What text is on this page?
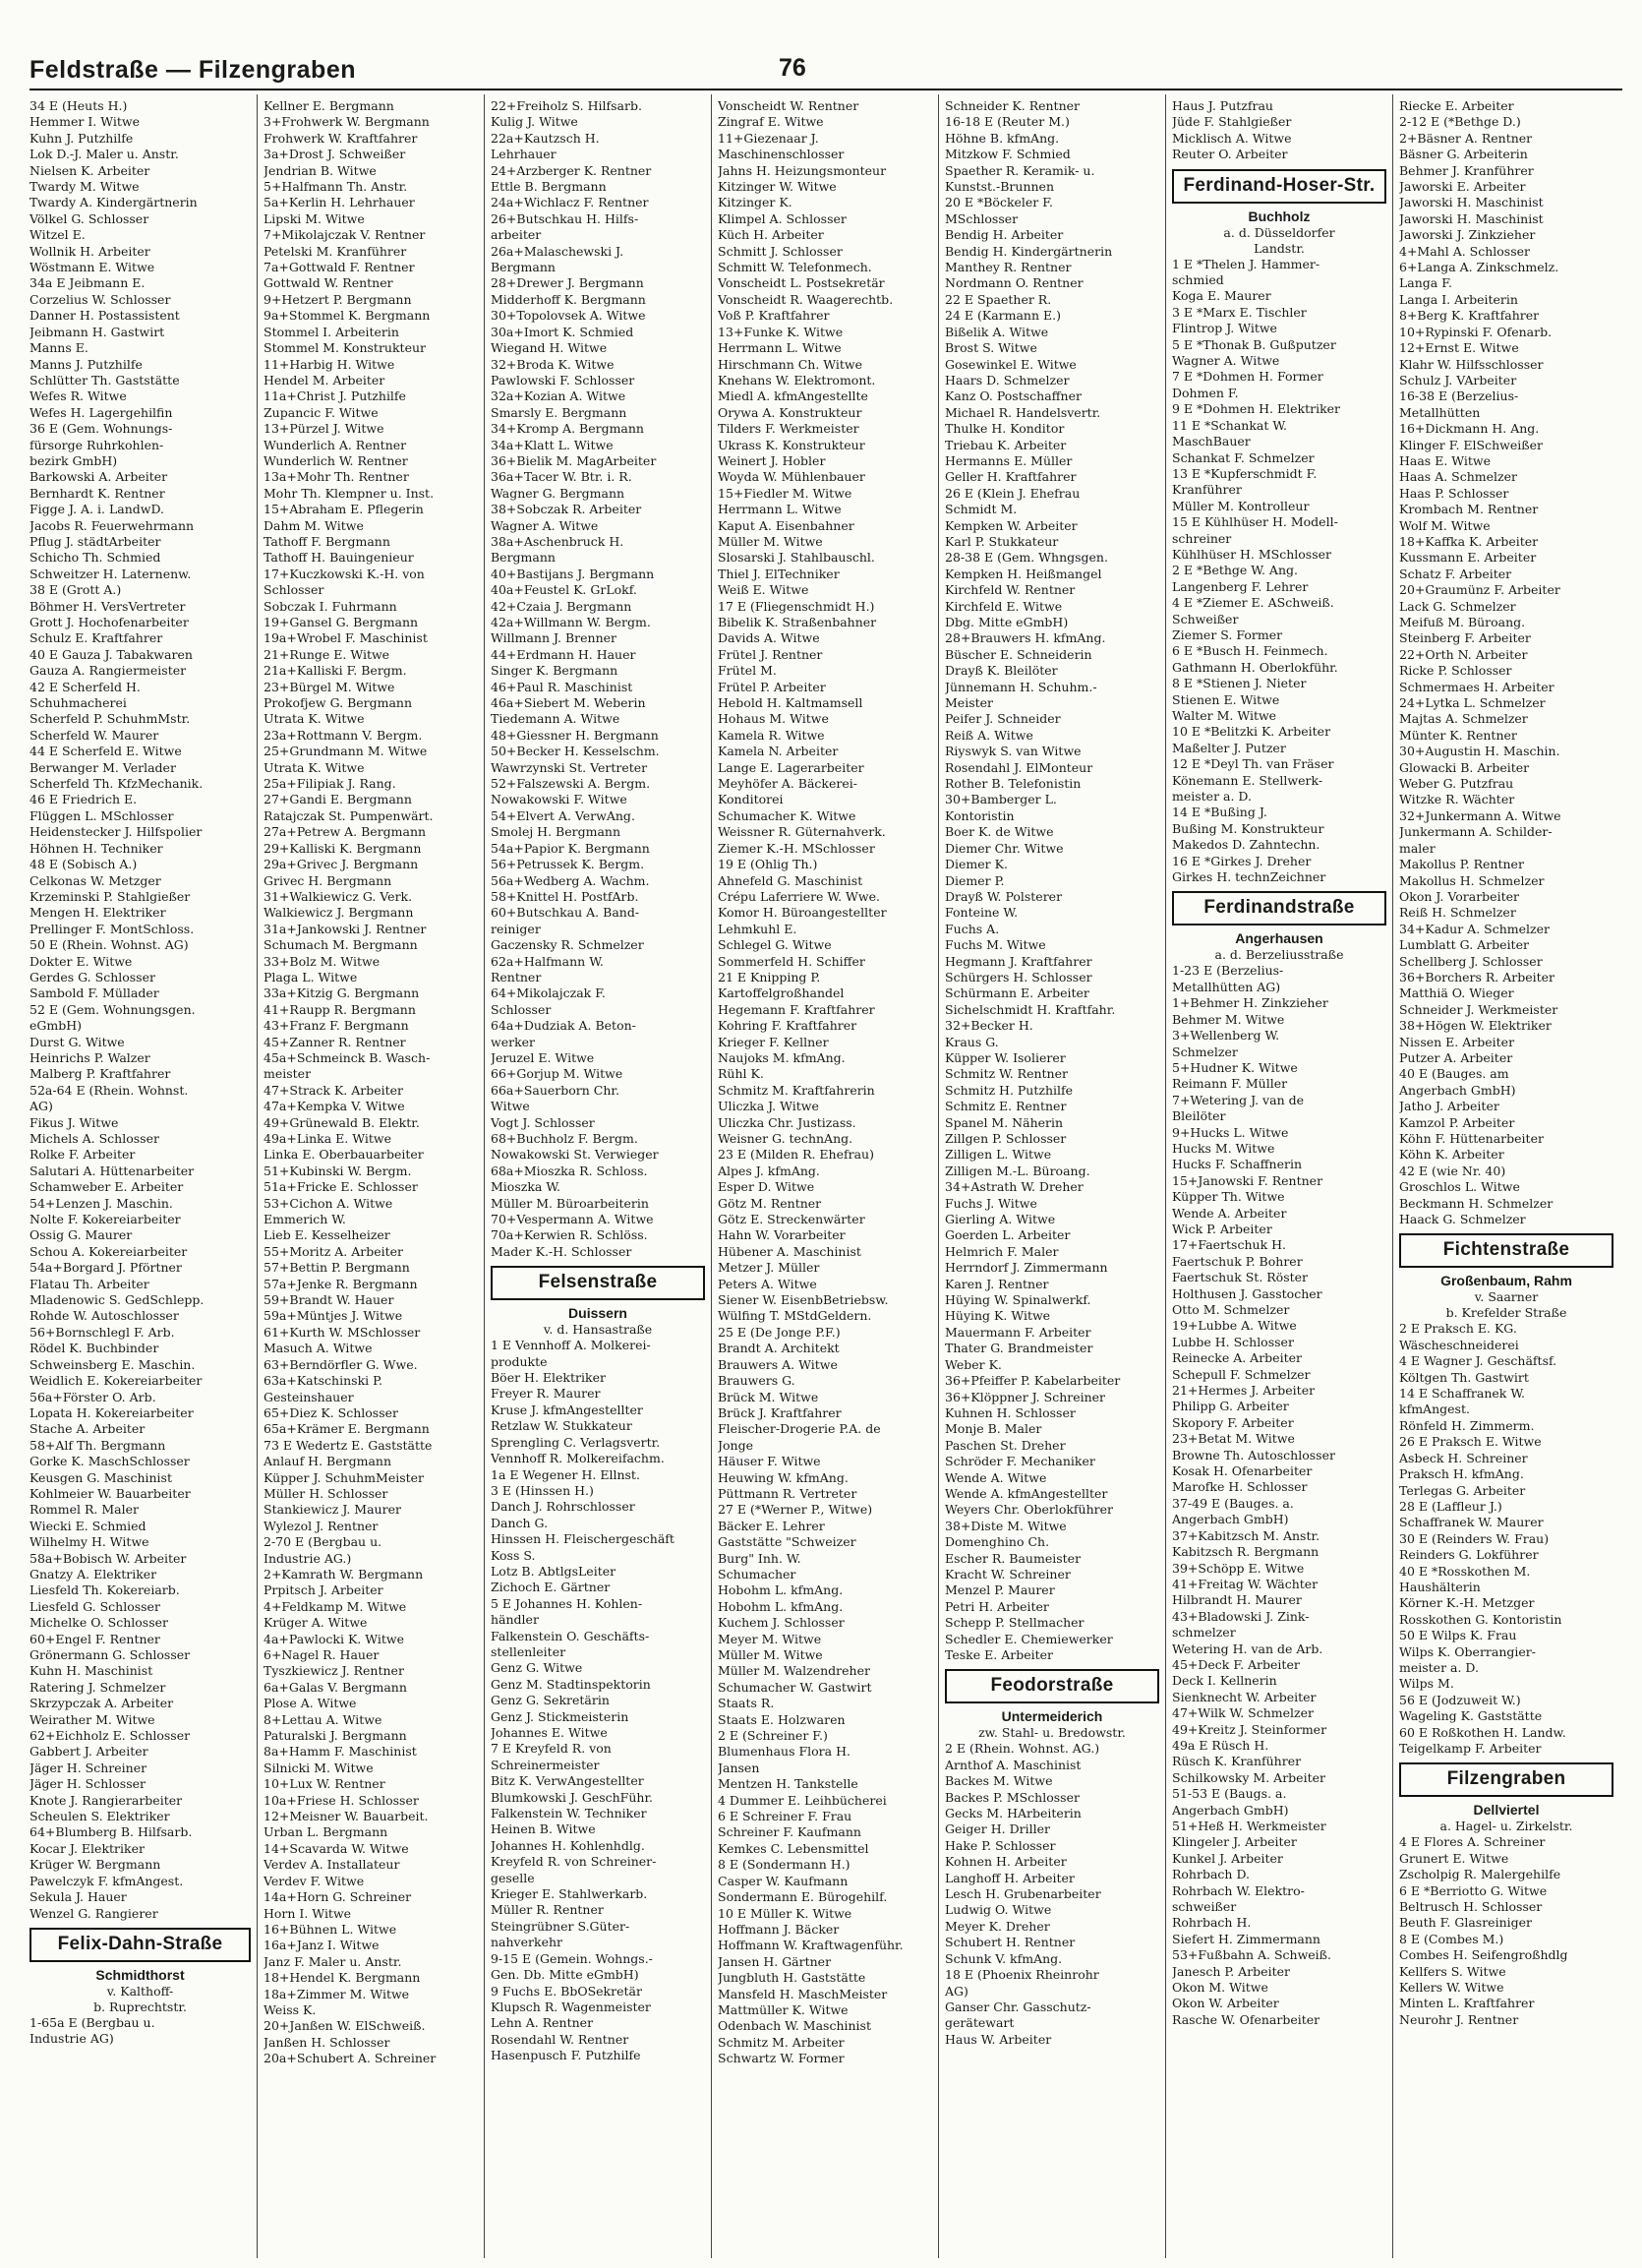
Feldstraße — Filzengraben	76
34 E (Heuts H.)
Hemmer I. Witwe
Kuhn J. Putzhilfe
Lok D.-J. Maler u. Anstr.
Nielsen K. Arbeiter
Twardy M. Witwe
Twardy A. Kindergärtnerin
Völkel G. Schlosser
Witzel E.
Wollnik H. Arbeiter
Wöstmann E. Witwe
34a E Jeibmann E.
Corzelius W. Schlosser
Danner H. Postassistent
Jeibmann H. Gastwirt
Manns E.
Manns J. Putzhilfe
Schlütter Th. Gaststätte
Wefes R. Witwe
Wefes H. Lagergehilfin
36 E (Gem. Wohnungs-
fürsorge Ruhrkohlen-
bezirk GmbH)
Barkowski A. Arbeiter
Bernhardt K. Rentner
Figge J. A. i. LandwD.
Jacobs R. Feuerwehrmann
Pflug J. städtArbeiter
Schicho Th. Schmied
Schweitzer H. Laternenw.
38 E (Grott A.)
Böhmer H. VersVertreter
Grott J. Hochofenarbeiter
Schulz E. Kraftfahrer
40 E Gauza J. Tabakwaren
Gauza A. Rangiermeister
42 E Scherfeld H.
Schuhmacherei
Scherfeld P. SchuhmMstr.
Scherfeld W. Maurer
44 E Scherfeld E. Witwe
Berwanger M. Verlader
Scherfeld Th. KfzMechanik.
46 E Friedrich E.
Flüggen L. MSchlosser
Heidenstecker J. Hilfspolier
Höhnen H. Techniker
48 E (Sobisch A.)
Celkonas W. Metzger
Krzeminski P. Stahlgießer
Mengen H. Elektriker
Prellinger F. MontSchloss.
50 E (Rhein. Wohnst. AG)
Dokter E. Witwe
Gerdes G. Schlosser
Sambold F. Müllader
52 E (Gem. Wohnungsgen.
eGmbH)
Durst G. Witwe
Heinrichs P. Walzer
Malberg P. Kraftfahrer
52a-64 E (Rhein. Wohnst.
AG)
Fikus J. Witwe
Michels A. Schlosser
Rolke F. Arbeiter
Salutari A. Hüttenarbeiter
Schamweber E. Arbeiter
54+Lenzen J. Maschin.
Nolte F. Kokereiarbeiter
Ossig G. Maurer
Schou A. Kokereiarbeiter
54a+Borgard J. Pförtner
Flatau Th. Arbeiter
Mladenowic S. GedSchlepp.
Rohde W. Autoschlosser
56+Bornschlegl F. Arb.
Rödel K. Buchbinder
Schweinsberg E. Maschin.
Weidlich E. Kokereiarbeiter
56a+Förster O. Arb.
Lopata H. Kokereiarbeiter
Stache A. Arbeiter
58+Alf Th. Bergmann
Gorke K. MaschSchlosser
Keusgen G. Maschinist
Kohlmeier W. Bauarbeiter
Rommel R. Maler
Wiecki E. Schmied
Wilhelmy H. Witwe
58a+Bobisch W. Arbeiter
Gnatzy A. Elektriker
Liesfeld Th. Kokereiarb.
Liesfeld G. Schlosser
Michelke O. Schlosser
60+Engel F. Rentner
Grönermann G. Schlosser
Kuhn H. Maschinist
Ratering J. Schmelzer
Skrzypczak A. Arbeiter
Weirather M. Witwe
62+Eichholz E. Schlosser
Gabbert J. Arbeiter
Jäger H. Schreiner
Jäger H. Schlosser
Knote J. Rangierarbeiter
Scheulen S. Elektriker
64+Blumberg B. Hilfsarb.
Kocar J. Elektriker
Krüger W. Bergmann
Pawelczyk F. kfmAngest.
Sekula J. Hauer
Wenzel G. Rangierer
Felix-Dahn-Straße
Schmidthorst
v. Kalthoff-
b. Ruprechtstr.
1-65a E (Bergbau u.
Industrie AG)
Kellner E. Bergmann
3+Frohwerk W. Bergmann
Frohwerk W. Kraftfahrer
3a+Drost J. Schweißer
Jendrian B. Witwe
5+Halfmann Th. Anstr.
5a+Kerlin H. Lehrhauer
Lipski M. Witwe
7+Mikolajczak V. Rentner
Petelski M. Kranführer
7a+Gottwald F. Rentner
Gottwald W. Rentner
9+Hetzert P. Bergmann
9a+Stommel K. Bergmann
Stommel I. Arbeiterin
Stommel M. Konstrukteur
11+Harbig H. Witwe
Hendel M. Arbeiter
11a+Christ J. Putzhilfe
Zupancic F. Witwe
13+Pürzel J. Witwe
Wunderlich A. Rentner
Wunderlich W. Rentner
13a+Mohr Th. Rentner
Mohr Th. Klempner u. Inst.
15+Abraham E. Pflegerin
Dahm M. Witwe
Tathoff F. Bergmann
Tathoff H. Bauingenieur
17+Kuczkowski K.-H. von
Schlosser
Sobczak I. Fuhrmann
19+Gansel G. Bergmann
19a+Wrobel F. Maschinist
21+Runge E. Witwe
21a+Kalliski F. Bergm.
23+Bürgel M. Witwe
Prokofjew G. Bergmann
Utrata K. Witwe
23a+Rottmann V. Bergm.
25+Grundmann M. Witwe
Utrata K. Witwe
25a+Filipiak J. Rang.
27+Gandi E. Bergmann
Ratajczak St. Pumpenwärt.
27a+Petrew A. Bergmann
29+Kalliski K. Bergmann
29a+Grivec J. Bergmann
Grivec H. Bergmann
31+Walkiewicz G. Verk.
Walkiewicz J. Bergmann
31a+Jankowski J. Rentner
Schumach M. Bergmann
33+Bolz M. Witwe
Plaga L. Witwe
33a+Kitzig G. Bergmann
41+Raupp R. Bergmann
43+Franz F. Bergmann
45+Zanner R. Rentner
45a+Schmeinck B. Wasch-
meister
47+Strack K. Arbeiter
47a+Kempka V. Witwe
49+Grünewald B. Elektr.
49a+Linka E. Witwe
Linka E. Oberbauarbeiter
51+Kubinski W. Bergm.
51a+Fricke E. Schlosser
53+Cichon A. Witwe
Emmerich W.
Lieb E. Kesselheizer
55+Moritz A. Arbeiter
57+Bettin P. Bergmann
57a+Jenke R. Bergmann
59+Brandt W. Hauer
59a+Müntjes J. Witwe
61+Kurth W. MSchlosser
Masuch A. Witwe
63+Berndörfler G. Wwe.
63a+Katschinski P.
Gesteinshauer
65+Diez K. Schlosser
65a+Krämer E. Bergmann
73 E Wedertz E. Gaststätte
Anlauf H. Bergmann
Küpper J. SchuhmMeister
Müller H. Schlosser
Stankiewicz J. Maurer
Wylezol J. Rentner
2-70 E (Bergbau u.
Industrie AG.)
2+Kamrath W. Bergmann
Prpitsch J. Arbeiter
4+Feldkamp M. Witwe
Krüger A. Witwe
4a+Pawlocki K. Witwe
6+Nagel R. Hauer
Tyszkiewicz J. Rentner
6a+Galas V. Bergmann
Plose A. Witwe
8+Lettau A. Witwe
Paturalski J. Bergmann
8a+Hamm F. Maschinist
Silnicki M. Witwe
10+Lux W. Rentner
10a+Friese H. Schlosser
12+Meisner W. Bauarbeit.
Urban L. Bergmann
14+Scavarda W. Witwe
Verdev A. Installateur
Verdev F. Witwe
14a+Horn G. Schreiner
Horn I. Witwe
16+Bühnen L. Witwe
16a+Janz I. Witwe
Janz F. Maler u. Anstr.
18+Hendel K. Bergmann
18a+Zimmer M. Witwe
Weiss K.
20+Janßen W. ElSchweiß.
Janßen H. Schlosser
20a+Schubert A. Schreiner
22+Freiholz S. Hilfsarb.
Kulig J. Witwe
22a+Kautzsch H.
Lehrhauer
24+Arzberger K. Rentner
Ettle B. Bergmann
24a+Wichlacz F. Rentner
26+Butschkau H. Hilfs-
arbeiter
26a+Malaschewski J.
Bergmann
28+Drewer J. Bergmann
Midderhoff K. Bergmann
30+Topolovsek A. Witwe
30a+Imort K. Schmied
Wiegand H. Witwe
32+Broda K. Witwe
Pawlowski F. Schlosser
32a+Kozian A. Witwe
Smarsly E. Bergmann
34+Kromp A. Bergmann
34a+Klatt L. Witwe
36+Bielik M. MagArbeiter
36a+Tacer W. Btr. i. R.
Wagner G. Bergmann
38+Sobczak R. Arbeiter
Wagner A. Witwe
38a+Aschenbruck H.
Bergmann
40+Bastijans J. Bergmann
40a+Feustel K. GrLokf.
42+Czaia J. Bergmann
42a+Willmann W. Bergm.
Willmann J. Brenner
44+Erdmann H. Hauer
Singer K. Bergmann
46+Paul R. Maschinist
46a+Siebert M. Weberin
Tiedemann A. Witwe
48+Giessner H. Bergmann
50+Becker H. Kesselschm.
Wawrzynski St. Vertreter
52+Falszewski A. Bergm.
Nowakowski F. Witwe
54+Elvert A. VerwAng.
Smolej H. Bergmann
54a+Papior K. Bergmann
56+Petrussek K. Bergm.
56a+Wedberg A. Wachm.
58+Knittel H. PostfArb.
60+Butschkau A. Band-
reiniger
Gaczensky R. Schmelzer
62a+Halfmann W.
Rentner
64+Mikolajczak F.
Schlosser
64a+Dudziak A. Beton-
werker
Jeruzel E. Witwe
66+Gorjup M. Witwe
66a+Sauerborn Chr.
Witwe
Vogt J. Schlosser
68+Buchholz F. Bergm.
Nowakowski St. Verwieger
68a+Mioszka R. Schloss.
Mioszka W.
Müller M. Büroarbeiterin
70+Vespermann A. Witwe
70a+Kerwien R. Schlöss.
Mader K.-H. Schlosser
Felsenstraße
Duissern
v. d. Hansastraße
1 E Vennhoff A. Molkerei-
produkte
Böer H. Elektriker
Freyer R. Maurer
Kruse J. kfmAngestellter
Retzlaw W. Stukkateur
Sprengling C. Verlagsvertr.
Vennhoff R. Molkereifachm.
1a E Wegener H. Ellnst.
3 E (Hinssen H.)
Danch J. Rohrschlosser
Danch G.
Hinssen H. Fleischergeschäft
Koss S.
Lotz B. AbtlgsLeiter
Zichoch E. Gärtner
5 E Johannes H. Kohlen-
händler
Falkenstein O. Geschäfts-
stellenleiter
Genz G. Witwe
Genz M. Stadtinspektorin
Genz G. Sekretärin
Genz J. Stickmeisterin
Johannes E. Witwe
7 E Kreyfeld R. von
Schreinermeister
Bitz K. VerwAngestellter
Blumkowski J. GeschFühr.
Falkenstein W. Techniker
Heinen B. Witwe
Johannes H. Kohlenhdlg.
Kreyfeld R. von Schreiner-
geselle
Krieger E. Stahlwerkarb.
Müller R. Rentner
Steingrübner S.Güter-
nahverkehr
9-15 E (Gemein. Wohngs.-
Gen. Db. Mitte eGmbH)
9 Fuchs E. BbOSekretär
Klupsch R. Wagenmeister
Lehn A. Rentner
Rosendahl W. Rentner
Hasenpusch F. Putzhilfe
Vonscheidt W. Rentner
Zingraf E. Witwe
11+Giezenaar J.
Maschinenschlosser
Jahns H. Heizungsmonteur
Kitzinger W. Witwe
Kitzinger K.
Klimpel A. Schlosser
Küch H. Arbeiter
Schmitt J. Schlosser
Schmitt W. Telefonmech.
Vonscheidt L. Postsekretär
Vonscheidt R. Waagerechtb.
Voß P. Kraftfahrer
13+Funke K. Witwe
Herrmann L. Witwe
Hirschmann Ch. Witwe
Knehans W. Elektromont.
Miedl A. kfmAngestellte
Orywa A. Konstrukteur
Tilders F. Werkmeister
Ukrass K. Konstrukteur
Weinert J. Hobler
Woyda W. Mühlenbauer
15+Fiedler M. Witwe
Herrmann L. Witwe
Kaput A. Eisenbahner
Müller M. Witwe
Slosarski J. Stahlbauschl.
Thiel J. ElTechniker
Weiß E. Witwe
17 E (Fliegenschmidt H.)
Bibelik K. Straßenbahner
Davids A. Witwe
Frütel J. Rentner
Frütel M.
Frütel P. Arbeiter
Hebold H. Kaltmamsell
Hohaus M. Witwe
Kamela R. Witwe
Kamela N. Arbeiter
Lange E. Lagerarbeiter
Meyhöfer A. Bäckerei-
Konditorei
Schumacher K. Witwe
Weissner R. Güternahverk.
Ziemer K.-H. MSchlosser
19 E (Ohlig Th.)
Ahnefeld G. Maschinist
Crépu Laferriere W. Wwe.
Komor H. Büroangestellter
Lehmkuhl E.
Schlegel G. Witwe
Sommerfeld H. Schiffer
21 E Knipping P.
Kartoffelgroßhandel
Hegemann F. Kraftfahrer
Kohring F. Kraftfahrer
Krieger F. Kellner
Naujoks M. kfmAng.
Rühl K.
Schmitz M. Kraftfahrerin
Uliczka J. Witwe
Uliczka Chr. Justizass.
Weisner G. technAng.
23 E (Milden R. Ehefrau)
Alpes J. kfmAng.
Esper D. Witwe
Götz M. Rentner
Götz E. Streckenwärter
Hahn W. Vorarbeiter
Hübener A. Maschinist
Metzer J. Müller
Peters A. Witwe
Siener W. EisenbBetriebsw.
Wülfing T. MStdGeldern.
25 E (De Jonge P.F.)
Brandt A. Architekt
Brauwers A. Witwe
Brauwers G.
Brück M. Witwe
Brück J. Kraftfahrer
Fleischer-Drogerie P.A. de
Jonge
Häuser F. Witwe
Heuwing W. kfmAng.
Püttmann R. Vertreter
27 E (*Werner P., Witwe)
Bäcker E. Lehrer
Gaststätte "Schweizer
Burg" Inh. W.
Schumacher
Hobohm L. kfmAng.
Hobohm L. kfmAng.
Kuchem J. Schlosser
Meyer M. Witwe
Müller M. Witwe
Müller M. Walzendreher
Schumacher W. Gastwirt
Staats R.
Staats E. Holzwaren
2 E (Schreiner F.)
Blumenhaus Flora H.
Jansen
Mentzen H. Tankstelle
4 Dummer E. Leihbücherei
6 E Schreiner F. Frau
Schreiner F. Kaufmann
Kemkes C. Lebensmittel
8 E (Sondermann H.)
Casper W. Kaufmann
Sondermann E. Bürogehilf.
10 E Müller K. Witwe
Hoffmann J. Bäcker
Hoffmann W. Kraftwagenführ.
Jansen H. Gärtner
Jungbluth H. Gaststätte
Mansfeld H. MaschMeister
Mattmüller K. Witwe
Odenbach W. Maschinist
Schmitz M. Arbeiter
Schwartz W. Former
Schneider K. Rentner
16-18 E (Reuter M.)
Höhne B. kfmAng.
Mitzkow F. Schmied
Spaether R. Keramik- u.
Kunstst.-Brunnen
20 E *Böckeler F.
MSchlosser
Bendig H. Arbeiter
Bendig H. Kindergärtnerin
Manthey R. Rentner
Nordmann O. Rentner
22 E Spaether R.
24 E (Karmann E.)
Bißelik A. Witwe
Brost S. Witwe
Gosewinkel E. Witwe
Haars D. Schmelzer
Kanz O. Postschaffner
Michael R. Handelsvertr.
Thulke H. Konditor
Triebau K. Arbeiter
Hermanns E. Müller
Geller H. Kraftfahrer
26 E (Klein J. Ehefrau
Schmidt M.
Kempken W. Arbeiter
Karl P. Stukkateur
28-38 E (Gem. Whngsgen.
Kempken H. Heißmangel
Kirchfeld W. Rentner
Kirchfeld E. Witwe
Dbg. Mitte eGmbH)
28+Brauwers H. kfmAng.
Büscher E. Schneiderin
Drayß K. Bleilöter
Jünnemann H. Schuhm.-
Meister
Peifer J. Schneider
Reiß A. Witwe
Riyswyk S. van Witwe
Rosendahl J. ElMonteur
Rother B. Telefonistin
30+Bamberger L.
Kontoristin
Boer K. de Witwe
Diemer Chr. Witwe
Diemer K.
Diemer P.
Drayß W. Polsterer
Fonteine W.
Fuchs A.
Fuchs M. Witwe
Hegmann J. Kraftfahrer
Schürgers H. Schlosser
Schürmann E. Arbeiter
Sichelschmidt H. Kraftfahr.
32+Becker H.
Kraus G.
Küpper W. Isolierer
Schmitz W. Rentner
Schmitz H. Putzhilfe
Schmitz E. Rentner
Spanel M. Näherin
Zillgen P. Schlosser
Zilligen L. Witwe
Zilligen M.-L. Büroang.
34+Astrath W. Dreher
Fuchs J. Witwe
Gierling A. Witwe
Goerden L. Arbeiter
Helmrich F. Maler
Herrndorf J. Zimmermann
Karen J. Rentner
Hüying W. Spinalwerkf.
Hüying K. Witwe
Mauermann F. Arbeiter
Thater G. Brandmeister
Weber K.
36+Pfeiffer P. Kabelarbeiter
36+Klöppner J. Schreiner
Kuhnen H. Schlosser
Monje B. Maler
Paschen St. Dreher
Schröder F. Mechaniker
Wende A. Witwe
Wende A. kfmAngestellter
Weyers Chr. Oberlokführer
38+Diste M. Witwe
Domenghino Ch.
Escher R. Baumeister
Kracht W. Schreiner
Menzel P. Maurer
Petri H. Arbeiter
Schepp P. Stellmacher
Schedler E. Chemiewerker
Teske E. Arbeiter
Feodorstraße
Untermeiderich
zw. Stahl- u. Bredowstr.
2 E (Rhein. Wohnst. AG.)
Arnthof A. Maschinist
Backes M. Witwe
Backes P. MSchlosser
Gecks M. HArbeiterin
Geiger H. Driller
Hake P. Schlosser
Kohnen H. Arbeiter
Langhoff H. Arbeiter
Lesch H. Grubenarbeiter
Ludwig O. Witwe
Meyer K. Dreher
Schubert H. Rentner
Schunk V. kfmAng.
18 E (Phoenix Rheinrohr
AG)
Ganser Chr. Gasschutz-
gerätewart
Haus W. Arbeiter
Haus J. Putzfrau
Jüde F. Stahlgießer
Micklisch A. Witwe
Reuter O. Arbeiter
Ferdinand-Hoser-Str.
Buchholz
a. d. Düsseldorfer
Landstr.
1 E *Thelen J. Hammer-
schmied
Koga E. Maurer
3 E *Marx E. Tischler
Flintrop J. Witwe
5 E *Thonak B. Gußputzer
Wagner A. Witwe
7 E *Dohmen H. Former
Dohmen F.
9 E *Dohmen H. Elektriker
11 E *Schankat W.
MaschBauer
Schankat F. Schmelzer
13 E *Kupferschmidt F.
Kranführer
Müller M. Kontrolleur
15 E Kühlhüser H. Modell-
schreiner
Kühlhüser H. MSchlosser
2 E *Bethge W. Ang.
Langenberg F. Lehrer
4 E *Ziemer E. ASchweiß.
Schweißer
Ziemer S. Former
6 E *Busch H. Feinmech.
Gathmann H. Oberlokführ.
8 E *Stienen J. Nieter
Stienen E. Witwe
Walter M. Witwe
10 E *Belitzki K. Arbeiter
Maßelter J. Putzer
12 E *Deyl Th. van Fräser
Könemann E. Stellwerk-
meister a. D.
14 E *Bußing J.
Bußing M. Konstrukteur
Makedos D. Zahntechn.
16 E *Girkes J. Dreher
Girkes H. technZeichner
Ferdinandstraße
Angerhausen
a. d. Berzeliusstraße
1-23 E (Berzelius-
Metallhütten AG)
1+Behmer H. Zinkzieher
Behmer M. Witwe
3+Wellenberg W.
Schmelzer
5+Hudner K. Witwe
Reimann F. Müller
7+Wetering J. van de
Bleilöter
9+Hucks L. Witwe
Hucks M. Witwe
Hucks F. Schaffnerin
15+Janowski F. Rentner
Küpper Th. Witwe
Wende A. Arbeiter
Wick P. Arbeiter
17+Faertschuk H.
Faertschuk P. Bohrer
Faertschuk St. Röster
Holthusen J. Gasstocher
Otto M. Schmelzer
19+Lubbe A. Witwe
Lubbe H. Schlosser
Reinecke A. Arbeiter
Schepull F. Schmelzer
21+Hermes J. Arbeiter
Philipp G. Arbeiter
Skopory F. Arbeiter
23+Betat M. Witwe
Browne Th. Autoschlosser
Kosak H. Ofenarbeiter
Marofke H. Schlosser
37-49 E (Bauges. a.
Angerbach GmbH)
37+Kabitzsch M. Anstr.
Kabitzsch R. Bergmann
39+Schöpp E. Witwe
41+Freitag W. Wächter
Hilbrandt H. Maurer
43+Bladowski J. Zink-
schmelzer
Wetering H. van de Arb.
45+Deck F. Arbeiter
Deck I. Kellnerin
Sienknecht W. Arbeiter
47+Wilk W. Schmelzer
49+Kreitz J. Steinformer
49a E Rüsch H.
Rüsch K. Kranführer
Schilkowsky M. Arbeiter
51-53 E (Baugs. a.
Angerbach GmbH)
51+Heß H. Werkmeister
Klingeler J. Arbeiter
Kunkel J. Arbeiter
Rohrbach D.
Rohrbach W. Elektro-
schweißer
Rohrbach H.
Siefert H. Zimmermann
53+Fußbahn A. Schweiß.
Janesch P. Arbeiter
Okon M. Witwe
Okon W. Arbeiter
Rasche W. Ofenarbeiter
Riecke E. Arbeiter
2-12 E (*Bethge D.)
2+Bäsner A. Rentner
Bäsner G. Arbeiterin
Behmer J. Kranführer
Jaworski E. Arbeiter
Jaworski H. Maschinist
Jaworski H. Maschinist
Jaworski J. Zinkzieher
4+Mahl A. Schlosser
6+Langa A. Zinkschmelz.
Langa F.
Langa I. Arbeiterin
8+Berg K. Kraftfahrer
10+Rypinski F. Ofenarb.
12+Ernst E. Witwe
Klahr W. Hilfsschlosser
Schulz J. VArbeiter
16-38 E (Berzelius-
Metallhütten
16+Dickmann H. Ang.
Klinger F. ElSchweißer
Haas E. Witwe
Haas A. Schmelzer
Haas P. Schlosser
Krombach M. Rentner
Wolf M. Witwe
18+Kaffka K. Arbeiter
Kussmann E. Arbeiter
Schatz F. Arbeiter
20+Graumünz F. Arbeiter
Lack G. Schmelzer
Meifuß M. Büroang.
Steinberg F. Arbeiter
22+Orth N. Arbeiter
Ricke P. Schlosser
Schmermaes H. Arbeiter
24+Lytka L. Schmelzer
Majtas A. Schmelzer
Münter K. Rentner
30+Augustin H. Maschin.
Glowacki B. Arbeiter
Weber G. Putzfrau
Witzke R. Wächter
32+Junkermann A. Witwe
Junkermann A. Schilder-
maler
Makollus P. Rentner
Makollus H. Schmelzer
Okon J. Vorarbeiter
Reiß H. Schmelzer
34+Kadur A. Schmelzer
Lumblatt G. Arbeiter
Schellberg J. Schlosser
36+Borchers R. Arbeiter
Matthiä O. Wieger
Schneider J. Werkmeister
38+Högen W. Elektriker
Nissen E. Arbeiter
Putzer A. Arbeiter
40 E (Bauges. am
Angerbach GmbH)
Jatho J. Arbeiter
Kamzol P. Arbeiter
Köhn F. Hüttenarbeiter
Köhn K. Arbeiter
42 E (wie Nr. 40)
Groschlos L. Witwe
Beckmann H. Schmelzer
Haack G. Schmelzer
Fichtenstraße
Großenbaum, Rahm
v. Saarner
b. Krefelder Straße
2 E Praksch E. KG.
Wäscheschneiderei
4 E Wagner J. Geschäftsf.
Költgen Th. Gastwirt
14 E Schaffranek W.
kfmAngest.
Rönfeld H. Zimmerm.
26 E Praksch E. Witwe
Asbeck H. Schreiner
Praksch H. kfmAng.
Terlegas G. Arbeiter
28 E (Laffleur J.)
Schaffranek W. Maurer
30 E (Reinders W. Frau)
Reinders G. Lokführer
40 E *Rosskothen M.
Haushälterin
Körner K.-H. Metzger
Rosskothen G. Kontoristin
50 E Wilps K. Frau
Wilps K. Oberrangier-
meister a. D.
Wilps M.
56 E (Jodzuweit W.)
Wageling K. Gaststätte
60 E Roßkothen H. Landw.
Teigelkamp F. Arbeiter
Filzengraben
Dellviertel
a. Hagel- u. Zirkelstr.
4 E Flores A. Schreiner
Grunert E. Witwe
Zscholpig R. Malergehilfe
6 E *Berriotto G. Witwe
Beltrusch H. Schlosser
Beuth F. Glasreiniger
8 E (Combes M.)
Combes H. Seifengroßhdlg
Kellfers S. Witwe
Kellers W. Witwe
Minten L. Kraftfahrer
Neurohr J. Rentner
